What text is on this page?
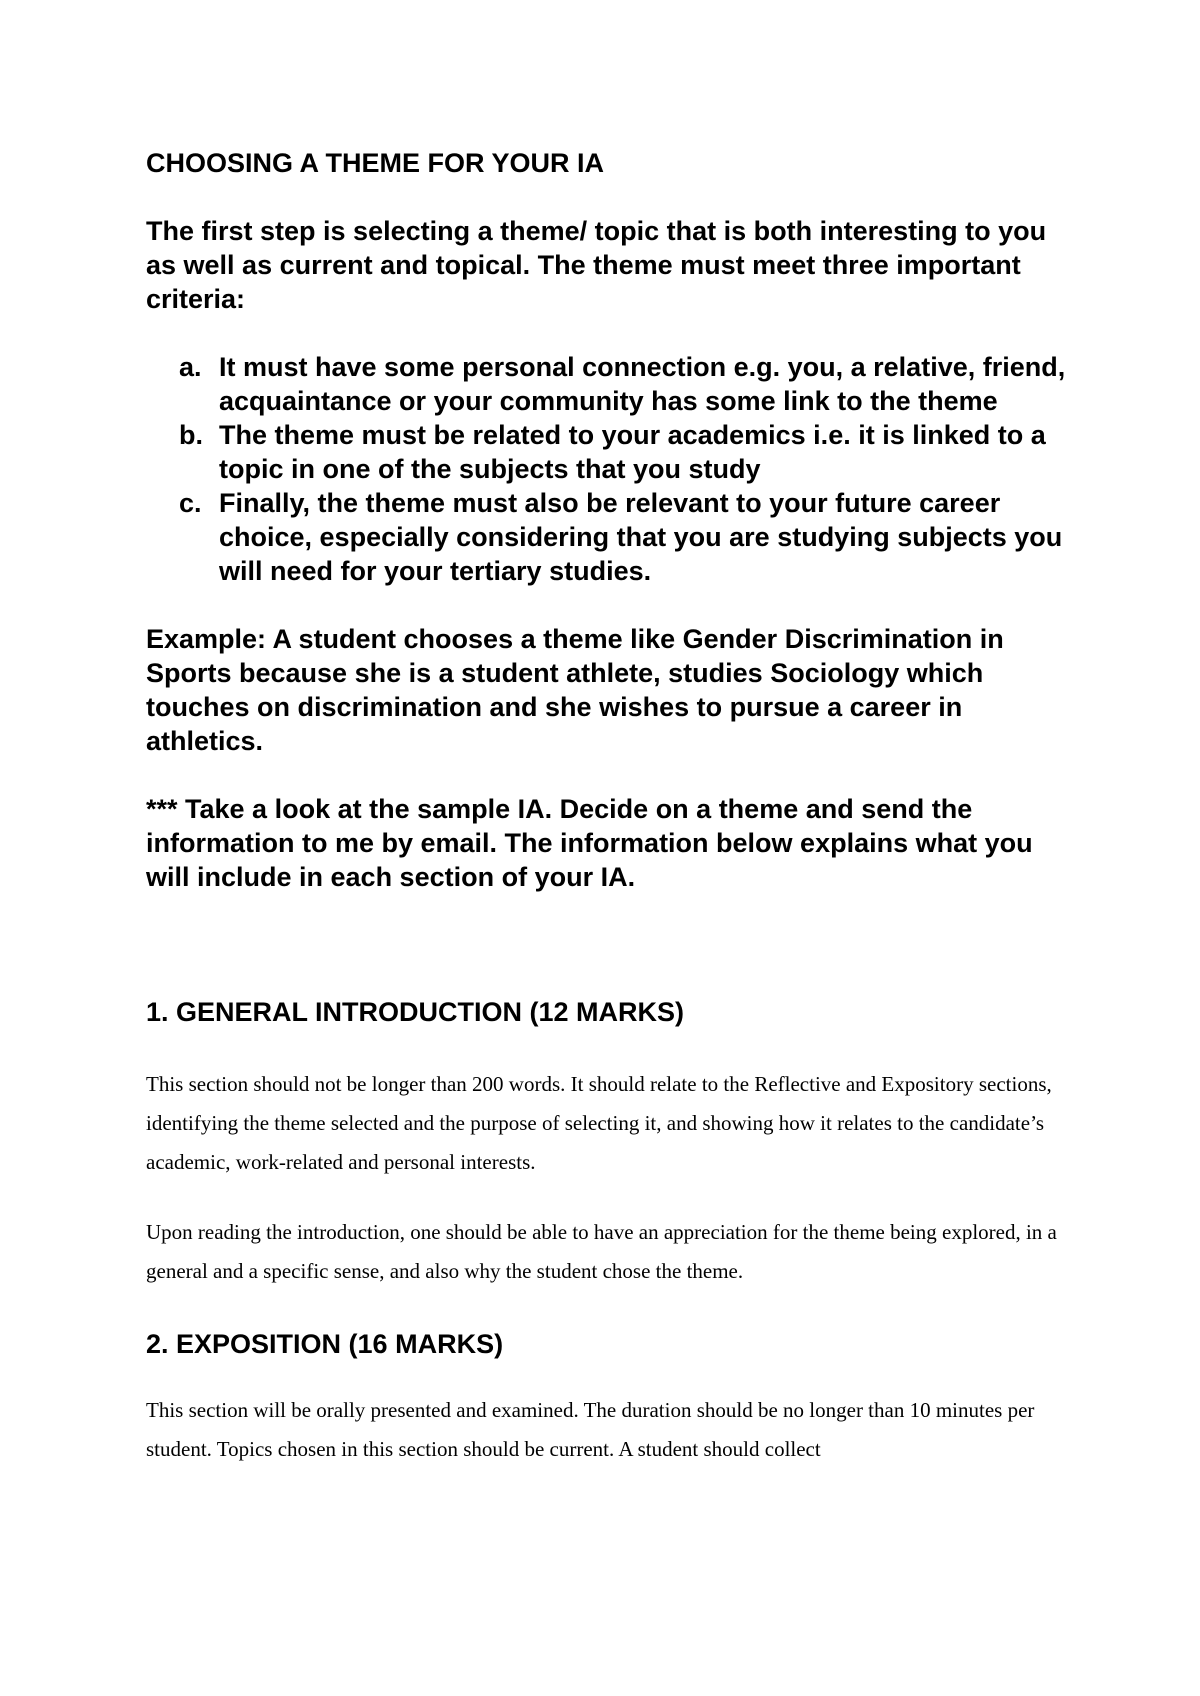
CHOOSING A THEME FOR YOUR IA

The first step is selecting a theme/ topic that is both interesting to you as well as current and topical. The theme must meet three important criteria:

a. It must have some personal connection e.g. you, a relative, friend, acquaintance or your community has some link to the theme
b. The theme must be related to your academics i.e. it is linked to a topic in one of the subjects that you study
c. Finally, the theme must also be relevant to your future career choice, especially considering that you are studying subjects you will need for your tertiary studies.

Example: A student chooses a theme like Gender Discrimination in Sports because she is a student athlete, studies Sociology which touches on discrimination and she wishes to pursue a career in athletics.

*** Take a look at the sample IA. Decide on a theme and send the information to me by email. The information below explains what you will include in each section of your IA.

1. GENERAL INTRODUCTION (12 MARKS)

This section should not be longer than 200 words. It should relate to the Reflective and Expository sections, identifying the theme selected and the purpose of selecting it, and showing how it relates to the candidate’s academic, work-related and personal interests.

Upon reading the introduction, one should be able to have an appreciation for the theme being explored, in a general and a specific sense, and also why the student chose the theme.

2. EXPOSITION (16 MARKS)

This section will be orally presented and examined. The duration should be no longer than 10 minutes per student. Topics chosen in this section should be current. A student should collect
